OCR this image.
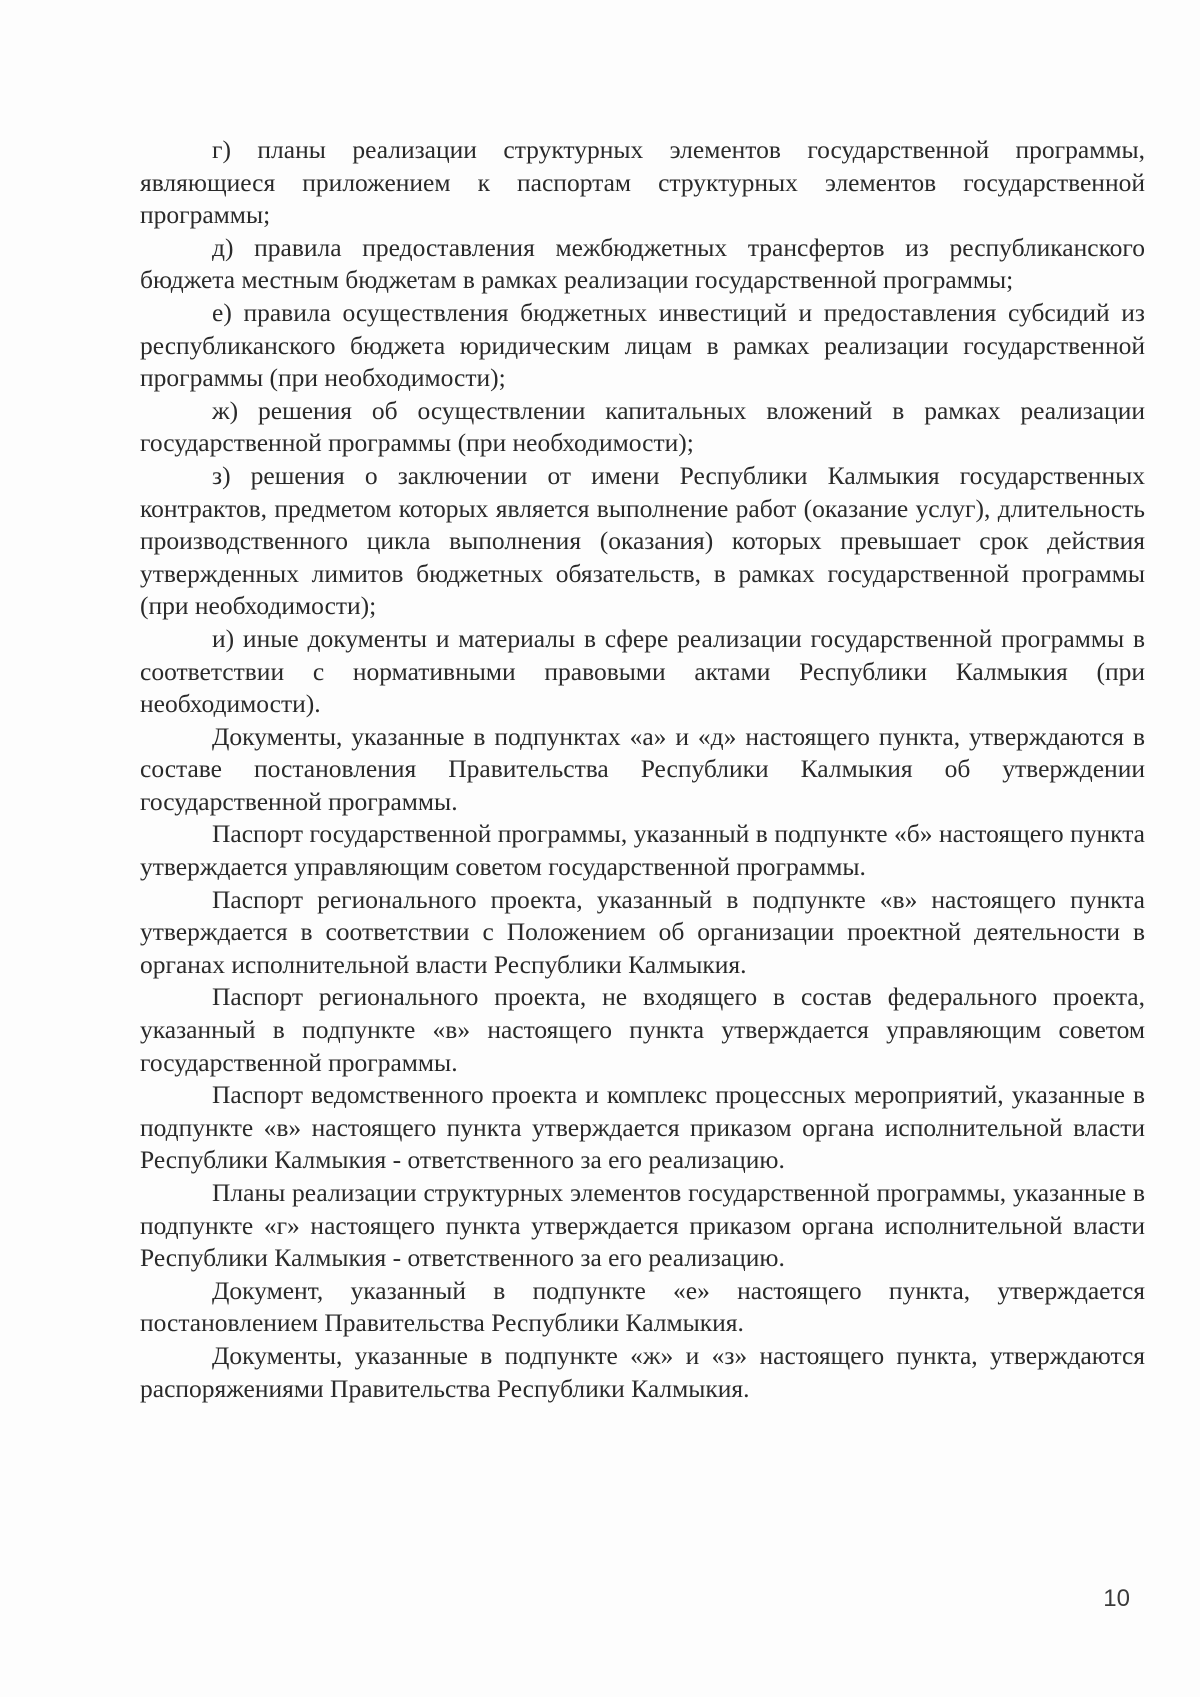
г) планы реализации структурных элементов государственной программы, являющиеся приложением к паспортам структурных элементов государственной программы;

д) правила предоставления межбюджетных трансфертов из республиканского бюджета местным бюджетам в рамках реализации государственной программы;

е) правила осуществления бюджетных инвестиций и предоставления субсидий из республиканского бюджета юридическим лицам в рамках реализации государственной программы (при необходимости);

ж) решения об осуществлении капитальных вложений в рамках реализации государственной программы (при необходимости);

з) решения о заключении от имени Республики Калмыкия государственных контрактов, предметом которых является выполнение работ (оказание услуг), длительность производственного цикла выполнения (оказания) которых превышает срок действия утвержденных лимитов бюджетных обязательств, в рамках государственной программы (при необходимости);

и) иные документы и материалы в сфере реализации государственной программы в соответствии с нормативными правовыми актами Республики Калмыкия (при необходимости).

Документы, указанные в подпунктах «а» и «д» настоящего пункта, утверждаются в составе постановления Правительства Республики Калмыкия об утверждении государственной программы.

Паспорт государственной программы, указанный в подпункте «б» настоящего пункта утверждается управляющим советом государственной программы.

Паспорт регионального проекта, указанный в подпункте «в» настоящего пункта утверждается в соответствии с Положением об организации проектной деятельности в органах исполнительной власти Республики Калмыкия.

Паспорт регионального проекта, не входящего в состав федерального проекта, указанный в подпункте «в» настоящего пункта утверждается управляющим советом государственной программы.

Паспорт ведомственного проекта и комплекс процессных мероприятий, указанные в подпункте «в» настоящего пункта утверждается приказом органа исполнительной власти Республики Калмыкия - ответственного за его реализацию.

Планы реализации структурных элементов государственной программы, указанные в подпункте «г» настоящего пункта утверждается приказом органа исполнительной власти Республики Калмыкия - ответственного за его реализацию.

Документ, указанный в подпункте «е» настоящего пункта, утверждается постановлением Правительства Республики Калмыкия.

Документы, указанные в подпункте «ж» и «з» настоящего пункта, утверждаются распоряжениями Правительства Республики Калмыкия.

10
